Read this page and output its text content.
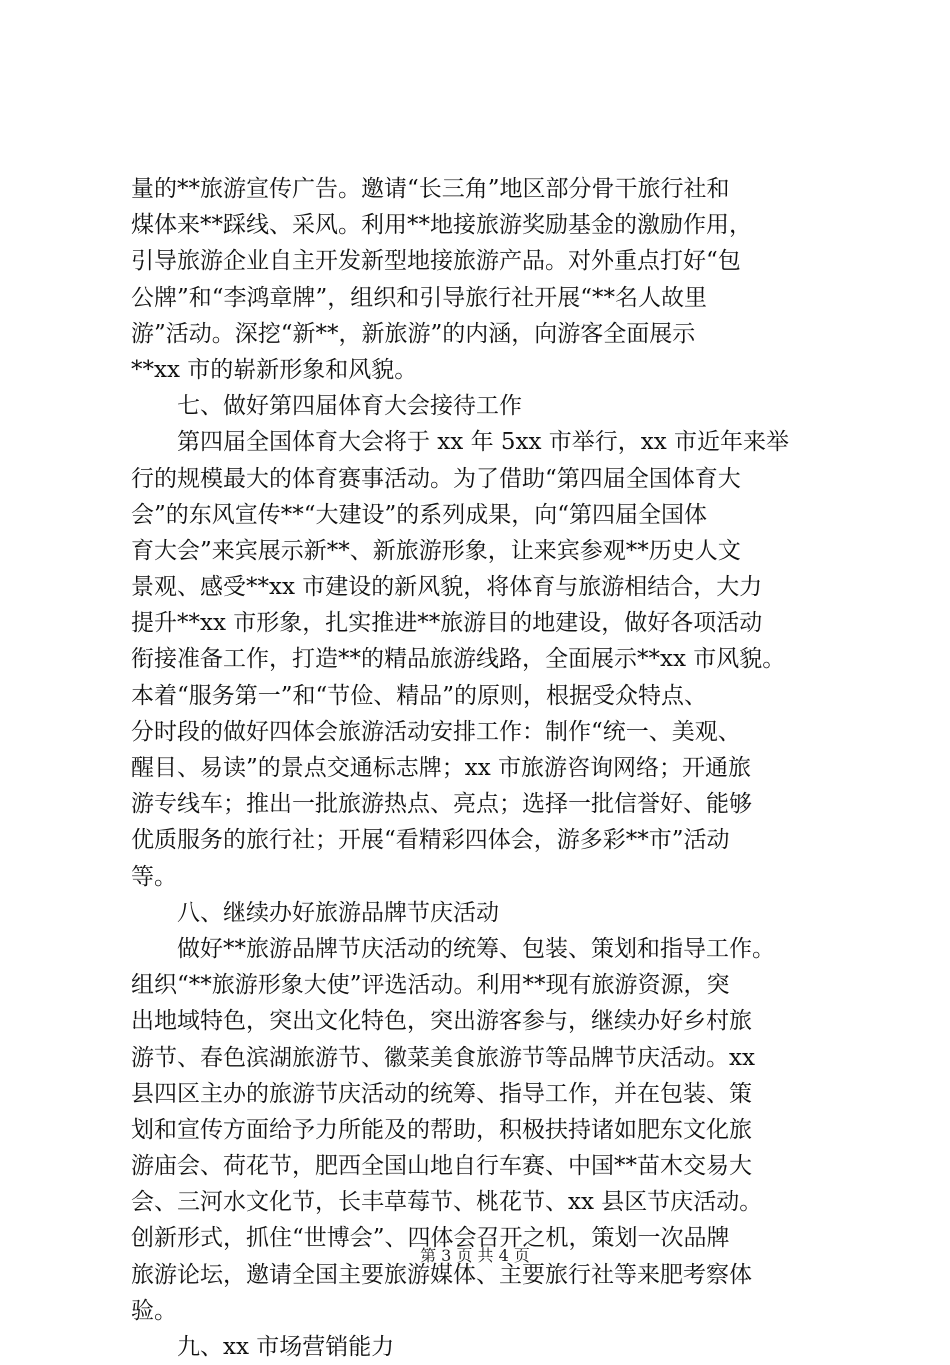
量的**旅游宣传广告。邀请“长三角”地区部分骨干旅行社和
煤体来**踩线、采风。利用**地接旅游奖励基金的激励作用，
引导旅游企业自主开发新型地接旅游产品。对外重点打好“包
公牌”和“李鸿章牌”，组织和引导旅行社开展“**名人故里
游”活动。深挖“新**，新旅游”的内涵，向游客全面展示
**xx 市的崭新形象和风貌。
七、做好第四届体育大会接待工作
第四届全国体育大会将于 xx 年 5xx 市举行，xx 市近年来举
行的规模最大的体育赛事活动。为了借助“第四届全国体育大
会”的东风宣传**“大建设”的系列成果，向“第四届全国体
育大会”来宾展示新**、新旅游形象，让来宾参观**历史人文
景观、感受**xx 市建设的新风貌，将体育与旅游相结合，大力
提升**xx 市形象，扎实推进**旅游目的地建设，做好各项活动
衔接准备工作，打造**的精品旅游线路，全面展示**xx 市风貌。
本着“服务第一”和“节俭、精品”的原则，根据受众特点、
分时段的做好四体会旅游活动安排工作：制作“统一、美观、
醒目、易读”的景点交通标志牌；xx 市旅游咨询网络；开通旅
游专线车；推出一批旅游热点、亮点；选择一批信誉好、能够
优质服务的旅行社；开展“看精彩四体会，游多彩**市”活动
等。
八、继续办好旅游品牌节庆活动
做好**旅游品牌节庆活动的统筹、包装、策划和指导工作。
组织“**旅游形象大使”评选活动。利用**现有旅游资源，突
出地域特色，突出文化特色，突出游客参与，继续办好乡村旅
游节、春色滨湖旅游节、徽菜美食旅游节等品牌节庆活动。xx
县四区主办的旅游节庆活动的统筹、指导工作，并在包装、策
划和宣传方面给予力所能及的帮助，积极扶持诸如肥东文化旅
游庙会、荷花节，肥西全国山地自行车赛、中国**苗木交易大
会、三河水文化节，长丰草莓节、桃花节、xx 县区节庆活动。
创新形式，抓住“世博会”、四体会召开之机，策划一次品牌
旅游论坛，邀请全国主要旅游媒体、主要旅行社等来肥考察体
验。
九、xx 市场营销能力
第 3 页 共 4 页
